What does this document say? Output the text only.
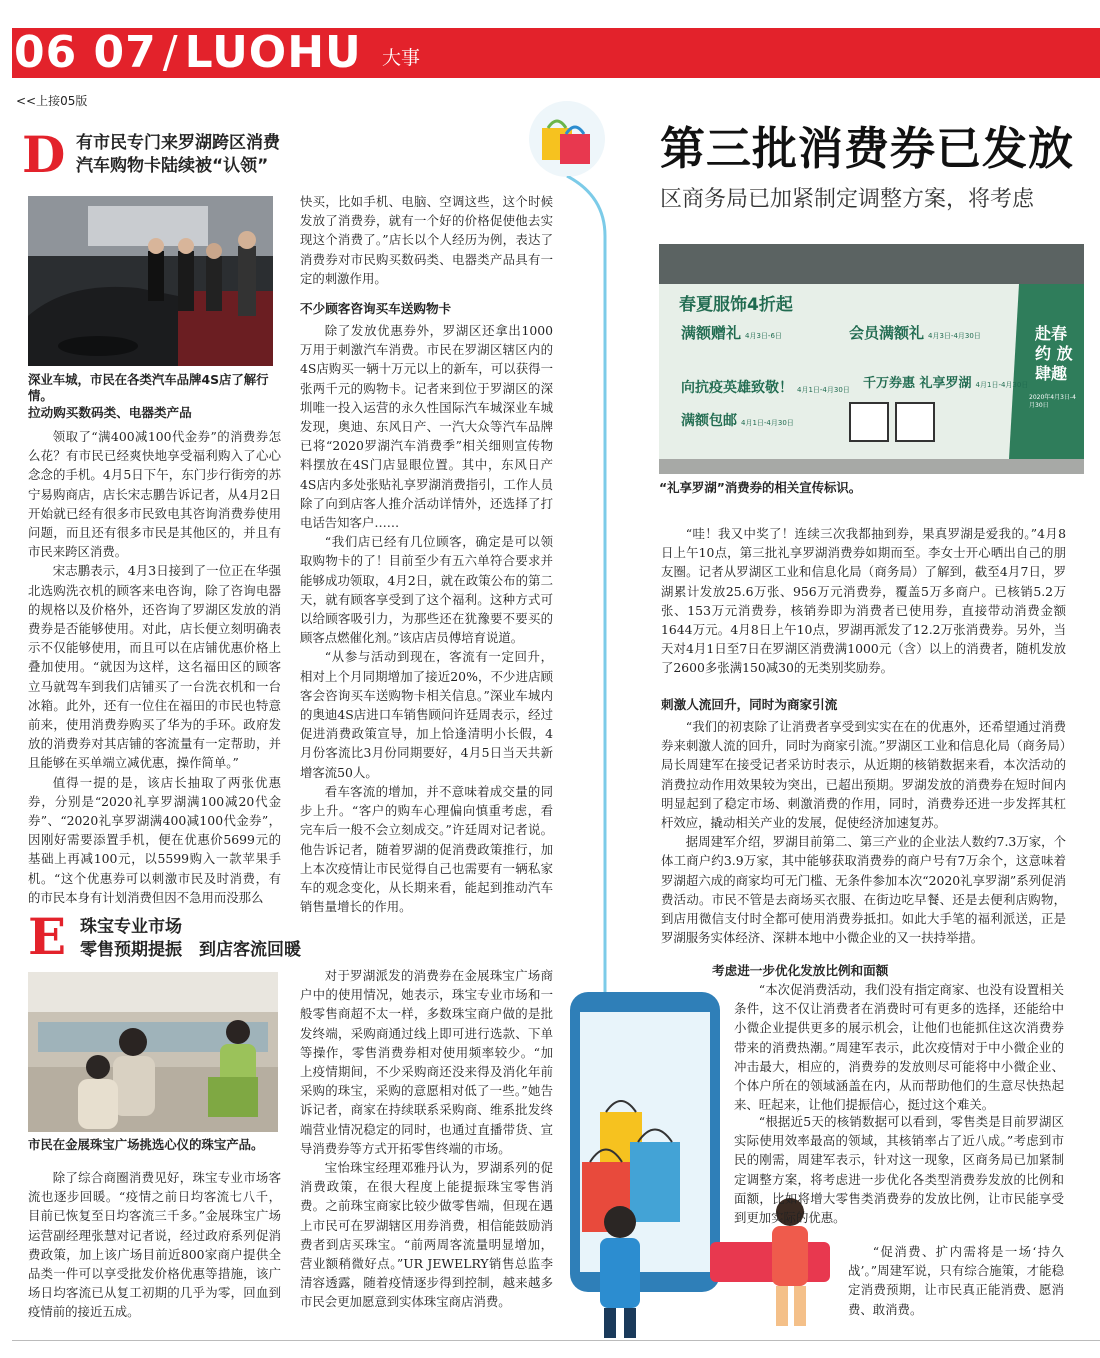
06 07 / LUOHU 大事
<<上接05版
D 有市民专门来罗湖跨区消费
汽车购物卡陆续被“认领”
深业车城，市民在各类汽车品牌4S店了解行情。
拉动购买数码类、电器类产品

领取了“满400减100代金券”的消费券怎么花？有市民已经爽快地享受福利购入了心心念念的手机。4月5日下午，东门步行街旁的苏宁易购商店，店长宋志鹏告诉记者，从4月2日开始就已经有很多市民致电其咨询消费券使用问题，而且还有很多市民是其他区的，并且有市民来跨区消费。

宋志鹏表示，4月3日接到了一位正在华强北选购洗衣机的顾客来电咨询，除了咨询电器的规格以及价格外，还咨询了罗湖区发放的消费券是否能够使用。对此，店长便立刻明确表示不仅能够使用，而且可以在店铺优惠价格上叠加使用。“就因为这样，这名福田区的顾客立马就驾车到我们店铺买了一台洗衣机和一台冰箱。此外，还有一位住在福田的市民也特意前来，使用消费券购买了华为的手环。政府发放的消费券对其店铺的客流量有一定帮助，并且能够在买单端立减优惠，操作简单。”

值得一提的是，该店长抽取了两张优惠券，分别是“2020礼享罗湖满100减20代金券”、“2020礼享罗湖满400减100代金券”，因刚好需要添置手机，便在优惠价5699元的基础上再减100元，以5599购入一款苹果手机。“这个优惠券可以刺激市民及时消费，有的市民本身有计划消费但因不急用而没那么

快买，比如手机、电脑、空调这些，这个时候发放了消费券，就有一个好的价格促使他去实现这个消费了。”店长以个人经历为例，表达了消费券对市民购买数码类、电器类产品具有一定的刺激作用。

不少顾客咨询买车送购物卡

除了发放优惠券外，罗湖区还拿出1000万用于刺激汽车消费。市民在罗湖区辖区内的4S店购买一辆十万元以上的新车，可以获得一张两千元的购物卡。记者来到位于罗湖区的深圳唯一投入运营的永久性国际汽车城深业车城发现，奥迪、东风日产、一汽大众等汽车品牌已将“2020罗湖汽车消费季”相关细则宣传物料摆放在4S门店显眼位置。其中，东风日产4S店内多处张贴礼享罗湖消费指引，工作人员除了向到店客人推介活动详情外，还选择了打电话告知客户……

“我们店已经有几位顾客，确定是可以领取购物卡的了！目前至少有五六单符合要求并能够成功领取，4月2日，就在政策公布的第二天，就有顾客享受到了这个福利。这种方式可以给顾客吸引力，为那些还在犹豫要不要买的顾客点燃催化剂。”该店店员傅培育说道。

“从参与活动到现在，客流有一定回升，相对上个月同期增加了接近20%，不少进店顾客会咨询买车送购物卡相关信息。”深业车城内的奥迪4S店进口车销售顾问许廷周表示，经过促进消费政策宣导，加上恰逢清明小长假，4月份客流比3月份同期要好，4月5日当天共新增客流50人。

看车客流的增加，并不意味着成交量的同步上升。“客户的购车心理偏向慎重考虑，看完车后一般不会立刻成交。”许廷周对记者说。他告诉记者，随着罗湖的促消费政策推行，加上本次疫情让市民觉得自己也需要有一辆私家车的观念变化，从长期来看，能起到推动汽车销售量增长的作用。

E 珠宝专业市场
零售预期提振　到店客流回暖
市民在金展珠宝广场挑选心仪的珠宝产品。

除了综合商圈消费见好，珠宝专业市场客流也逐步回暖。“疫情之前日均客流七八千，目前已恢复至日均客流三千多。”金展珠宝广场运营副经理张慧对记者说，经过政府系列促消费政策，加上该广场目前近800家商户提供全品类一件可以享受批发价格优惠等措施，该广场日均客流已从复工初期的几乎为零，回血到疫情前的接近五成。

对于罗湖派发的消费券在金展珠宝广场商户中的使用情况，她表示，珠宝专业市场和一般零售商超不太一样，多数珠宝商户做的是批发终端，采购商通过线上即可进行选款、下单等操作，零售消费券相对使用频率较少。“加上疫情期间，不少采购商还没来得及消化年前采购的珠宝，采购的意愿相对低了一些。”她告诉记者，商家在持续联系采购商、维系批发终端营业情况稳定的同时，也通过直播带货、宣导消费券等方式开拓零售终端的市场。

宝怡珠宝经理邓雅丹认为，罗湖系列的促消费政策，在很大程度上能提振珠宝零售消费。之前珠宝商家比较少做零售端，但现在遇上市民可在罗湖辖区用券消费，相信能鼓励消费者到店买珠宝。“前两周客流量明显增加，营业额稍微好点。”UR JEWELRY销售总监李清容透露，随着疫情逐步得到控制，越来越多市民会更加愿意到实体珠宝商店消费。

第三批消费券已发放
区商务局已加紧制定调整方案，将考虑
春夏服饰4折起
满额赠礼 4月3日-6日	会员满额礼 4月3日-4月30日
向抗疫英雄致敬！ 4月1日-4月30日 千万券惠 礼享罗湖 4月1日-4月30日
满额包邮 4月1日-4月30日
赴春约 放肆趣
2020年4月3日-4月30日
“礼享罗湖”消费券的相关宣传标识。

“哇！我又中奖了！连续三次我都抽到券，果真罗湖是爱我的。”4月8日上午10点，第三批礼享罗湖消费券如期而至。李女士开心晒出自己的朋友圈。记者从罗湖区工业和信息化局（商务局）了解到，截至4月7日，罗湖累计发放25.6万张、956万元消费券，覆盖5万多商户。已核销5.2万张、153万元消费券，核销券即为消费者已使用券，直接带动消费金额1644万元。4月8日上午10点，罗湖再派发了12.2万张消费券。另外，当天对4月1日至7日在罗湖区消费满1000元（含）以上的消费者，随机发放了2600多张满150减30的无类别奖励券。

刺激人流回升，同时为商家引流

“我们的初衷除了让消费者享受到实实在在的优惠外，还希望通过消费券来刺激人流的回升，同时为商家引流。”罗湖区工业和信息化局（商务局）局长周建军在接受记者采访时表示，从近期的核销数据来看，本次活动的消费拉动作用效果较为突出，已超出预期。罗湖发放的消费券在短时间内明显起到了稳定市场、刺激消费的作用，同时，消费券还进一步发挥其杠杆效应，撬动相关产业的发展，促使经济加速复苏。

据周建军介绍，罗湖目前第二、第三产业的企业法人数约7.3万家，个体工商户约3.9万家，其中能够获取消费券的商户号有7万余个，这意味着罗湖超六成的商家均可无门槛、无条件参加本次“2020礼享罗湖”系列促消费活动。市民不管是去商场买衣服、在街边吃早餐、还是去便利店购物，到店用微信支付时全都可使用消费券抵扣。如此大手笔的福利派送，正是罗湖服务实体经济、深耕本地中小微企业的又一扶持举措。

考虑进一步优化发放比例和面额

“本次促消费活动，我们没有指定商家、也没有设置相关条件，这不仅让消费者在消费时可有更多的选择，还能给中小微企业提供更多的展示机会，让他们也能抓住这次消费券带来的消费热潮。”周建军表示，此次疫情对于中小微企业的冲击最大，相应的，消费券的发放则尽可能将中小微企业、个体户所在的领域涵盖在内，从而帮助他们的生意尽快热起来、旺起来，让他们提振信心，挺过这个难关。

“根据近5天的核销数据可以看到，零售类是目前罗湖区实际使用效率最高的领域，其核销率占了近八成。”考虑到市民的刚需，周建军表示，针对这一现象，区商务局已加紧制定调整方案，将考虑进一步优化各类型消费券发放的比例和面额，比如将增大零售类消费券的发放比例，让市民能享受到更加实际的优惠。

“促消费、扩内需将是一场‘持久战’。”周建军说，只有综合施策，才能稳定消费预期，让市民真正能消费、愿消费、敢消费。
